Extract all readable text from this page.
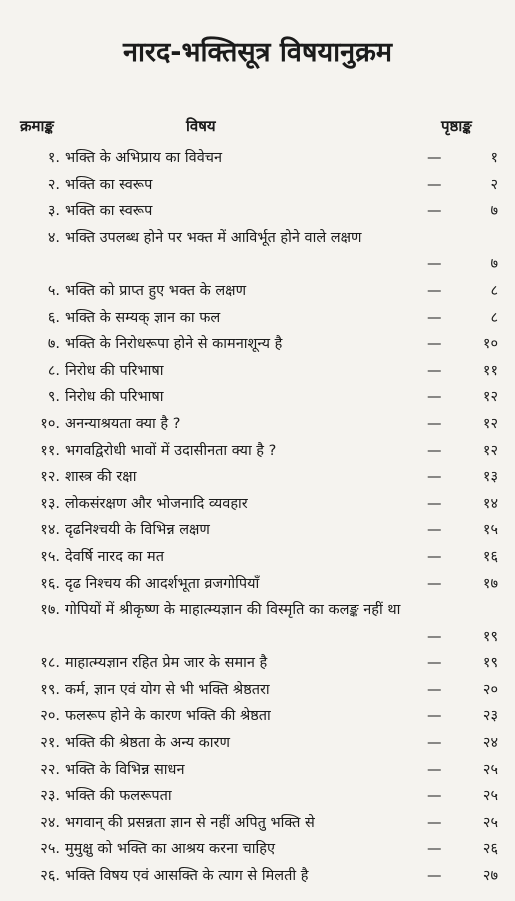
नारद-भक्तिसूत्र विषयानुक्रम
क्रमाङ्क	विषय	पृष्ठाङ्क
१. भक्ति के अभिप्राय का विवेचन	—	१
२. भक्ति का स्वरूप	—	२
३. भक्ति का स्वरूप	—	७
४. भक्ति उपलब्ध होने पर भक्त में आविर्भूत होने वाले लक्षण
—	७
५. भक्ति को प्राप्त हुए भक्त के लक्षण	—	८
६. भक्ति के सम्यक् ज्ञान का फल	—	८
७. भक्ति के निरोधरूपा होने से कामनाशून्य है	—	१०
८. निरोध की परिभाषा	—	११
९. निरोध की परिभाषा	—	१२
१०. अनन्याश्रयता क्या है ?	—	१२
११. भगवद्विरोधी भावों में उदासीनता क्या है ?	—	१२
१२. शास्त्र की रक्षा	—	१३
१३. लोकसंरक्षण और भोजनादि व्यवहार	—	१४
१४. दृढनिश्चयी के विभिन्न लक्षण	—	१५
१५. देवर्षि नारद का मत	—	१६
१६. दृढ निश्चय की आदर्शभूता व्रजगोपियाँ	—	१७
१७. गोपियों में श्रीकृष्ण के माहात्म्यज्ञान की विस्मृति का कलङ्क नहीं था
—	१९
१८. माहात्म्यज्ञान रहित प्रेम जार के समान है	—	१९
१९. कर्म, ज्ञान एवं योग से भी भक्ति श्रेष्ठतरा	—	२०
२०. फलरूप होने के कारण भक्ति की श्रेष्ठता	—	२३
२१. भक्ति की श्रेष्ठता के अन्य कारण	—	२४
२२. भक्ति के विभिन्न साधन	—	२५
२३. भक्ति की फलरूपता	—	२५
२४. भगवान् की प्रसन्नता ज्ञान से नहीं अपितु भक्ति से	—	२५
२५. मुमुक्षु को भक्ति का आश्रय करना चाहिए	—	२६
२६. भक्ति विषय एवं आसक्ति के त्याग से मिलती है	—	२७
